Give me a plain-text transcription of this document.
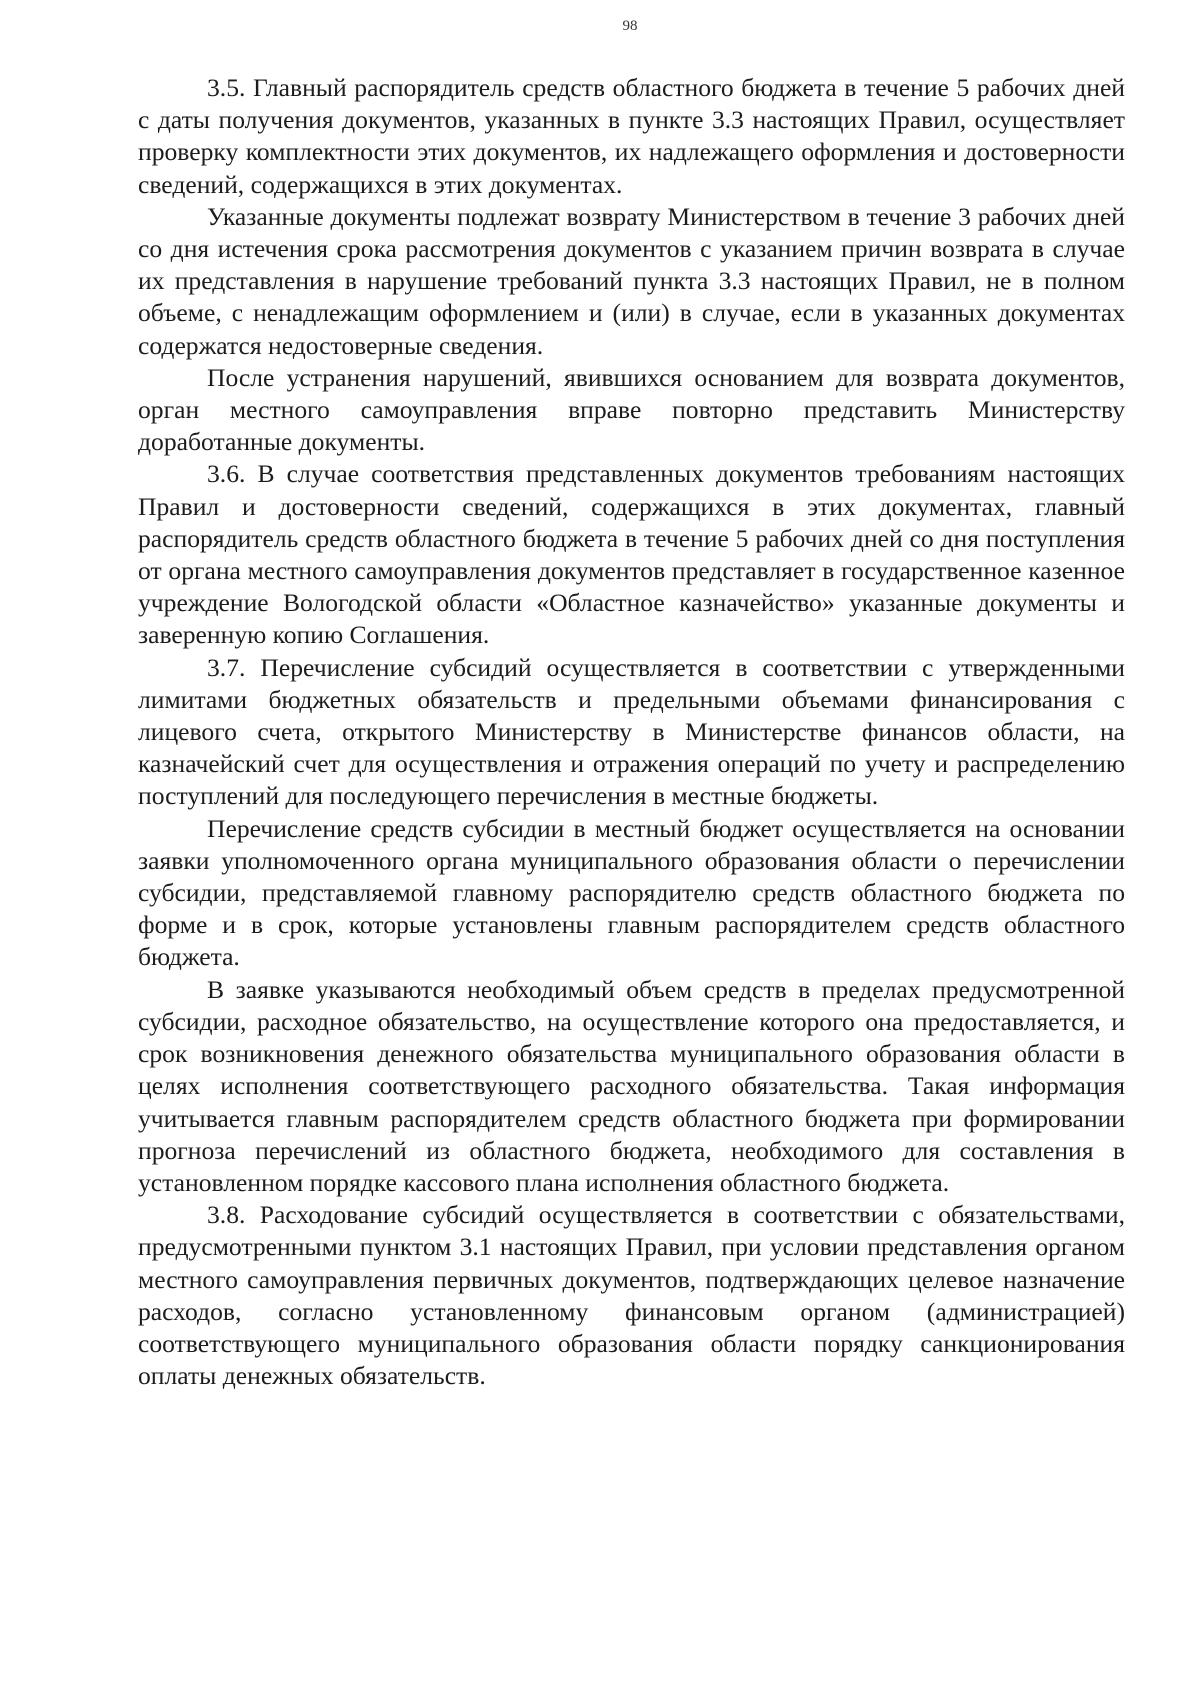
98

3.5. Главный распорядитель средств областного бюджета в течение 5 рабочих дней с даты получения документов, указанных в пункте 3.3 настоящих Правил, осуществляет проверку комплектности этих документов, их надлежащего оформления и достоверности сведений, содержащихся в этих документах.

Указанные документы подлежат возврату Министерством в течение 3 рабочих дней со дня истечения срока рассмотрения документов с указанием причин возврата в случае их представления в нарушение требований пункта 3.3 настоящих Правил, не в полном объеме, с ненадлежащим оформлением и (или) в случае, если в указанных документах содержатся недостоверные сведения.

После устранения нарушений, явившихся основанием для возврата документов, орган местного самоуправления вправе повторно представить Министерству доработанные документы.

3.6. В случае соответствия представленных документов требованиям настоящих Правил и достоверности сведений, содержащихся в этих документах, главный распорядитель средств областного бюджета в течение 5 рабочих дней со дня поступления от органа местного самоуправления документов представляет в государственное казенное учреждение Вологодской области «Областное казначейство» указанные документы и заверенную копию Соглашения.

3.7. Перечисление субсидий осуществляется в соответствии с утвержденными лимитами бюджетных обязательств и предельными объемами финансирования с лицевого счета, открытого Министерству в Министерстве финансов области, на казначейский счет для осуществления и отражения операций по учету и распределению поступлений для последующего перечисления в местные бюджеты.

Перечисление средств субсидии в местный бюджет осуществляется на основании заявки уполномоченного органа муниципального образования области о перечислении субсидии, представляемой главному распорядителю средств областного бюджета по форме и в срок, которые установлены главным распорядителем средств областного бюджета.

В заявке указываются необходимый объем средств в пределах предусмотренной субсидии, расходное обязательство, на осуществление которого она предоставляется, и срок возникновения денежного обязательства муниципального образования области в целях исполнения соответствующего расходного обязательства. Такая информация учитывается главным распорядителем средств областного бюджета при формировании прогноза перечислений из областного бюджета, необходимого для составления в установленном порядке кассового плана исполнения областного бюджета.

3.8. Расходование субсидий осуществляется в соответствии с обязательствами, предусмотренными пунктом 3.1 настоящих Правил, при условии представления органом местного самоуправления первичных документов, подтверждающих целевое назначение расходов, согласно установленному финансовым органом (администрацией) соответствующего муниципального образования области порядку санкционирования оплаты денежных обязательств.
